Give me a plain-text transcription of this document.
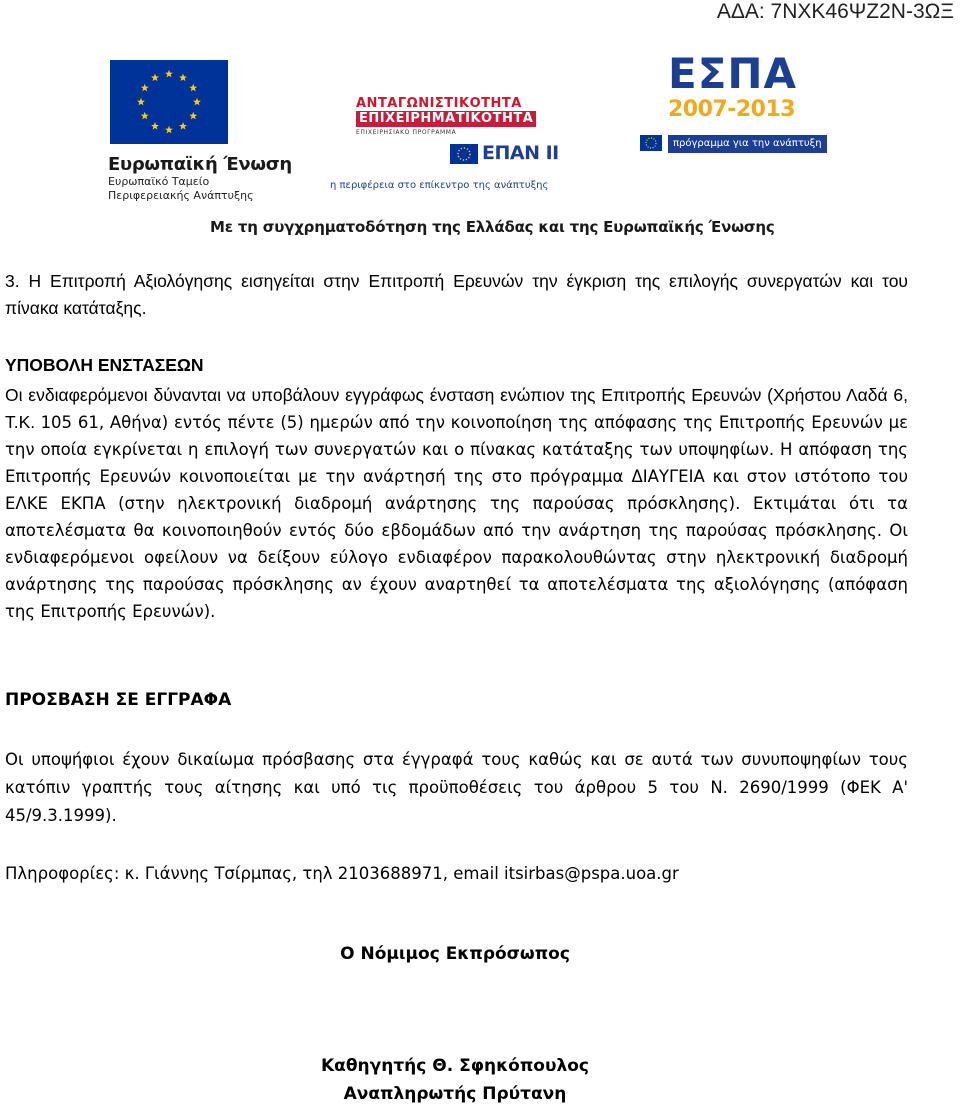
ΑΔΑ: 7ΝΧΚ46ΨΖ2Ν-3ΩΞ
Ευρωπαϊκή Ένωση
Ευρωπαϊκό Ταμείο
Περιφερειακής Ανάπτυξης
ΑΝΤΑΓΩΝΙΣΤΙΚΟΤΗΤΑ
ΕΠΙΧΕΙΡΗΜΑΤΙΚΟΤΗΤΑ
ΕΠΙΧΕΙΡΗΣΙΑΚΟ ΠΡΟΓΡΑΜΜΑ
ΕΠΑΝ ΙΙ
η περιφέρεια στο επίκεντρο της ανάπτυξης
ΕΣΠΑ
2007-2013
πρόγραμμα για την ανάπτυξη
Με τη συγχρηματοδότηση της Ελλάδας και της Ευρωπαϊκής Ένωσης

3. Η Επιτροπή Αξιολόγησης εισηγείται στην Επιτροπή Ερευνών την έγκριση της επιλογής συνεργατών και του πίνακα κατάταξης.

ΥΠΟΒΟΛΗ ΕΝΣΤΑΣΕΩΝ

Οι ενδιαφερόμενοι δύνανται να υποβάλουν εγγράφως ένσταση ενώπιον της Επιτροπής Ερευνών (Χρήστου Λαδά 6, Τ.Κ. 105 61, Αθήνα) εντός πέντε (5) ημερών από την κοινοποίηση της απόφασης της Επιτροπής Ερευνών με την οποία εγκρίνεται η επιλογή των συνεργατών και ο πίνακας κατάταξης των υποψηφίων. Η απόφαση της Επιτροπής Ερευνών κοινοποιείται με την ανάρτησή της στο πρόγραμμα ΔΙΑΥΓΕΙΑ και στον ιστότοπο του ΕΛΚΕ ΕΚΠΑ (στην ηλεκτρονική διαδρομή ανάρτησης της παρούσας πρόσκλησης). Εκτιμάται ότι τα αποτελέσματα θα κοινοποιηθούν εντός δύο εβδομάδων από την ανάρτηση της παρούσας πρόσκλησης. Οι ενδιαφερόμενοι οφείλουν να δείξουν εύλογο ενδιαφέρον παρακολουθώντας στην ηλεκτρονική διαδρομή ανάρτησης της παρούσας πρόσκλησης αν έχουν αναρτηθεί τα αποτελέσματα της αξιολόγησης (απόφαση της Επιτροπής Ερευνών).

ΠΡΟΣΒΑΣΗ ΣΕ ΕΓΓΡΑΦΑ

Οι υποψήφιοι έχουν δικαίωμα πρόσβασης στα έγγραφά τους καθώς και σε αυτά των συνυποψηφίων τους κατόπιν γραπτής τους αίτησης και υπό τις προϋποθέσεις του άρθρου 5 του Ν. 2690/1999 (ΦΕΚ Α' 45/9.3.1999).

Πληροφορίες: κ. Γιάννης Τσίρμπας, τηλ 2103688971, email itsirbas@pspa.uoa.gr

Ο Νόμιμος Εκπρόσωπος

Καθηγητής Θ. Σφηκόπουλος

Αναπληρωτής Πρύτανη
